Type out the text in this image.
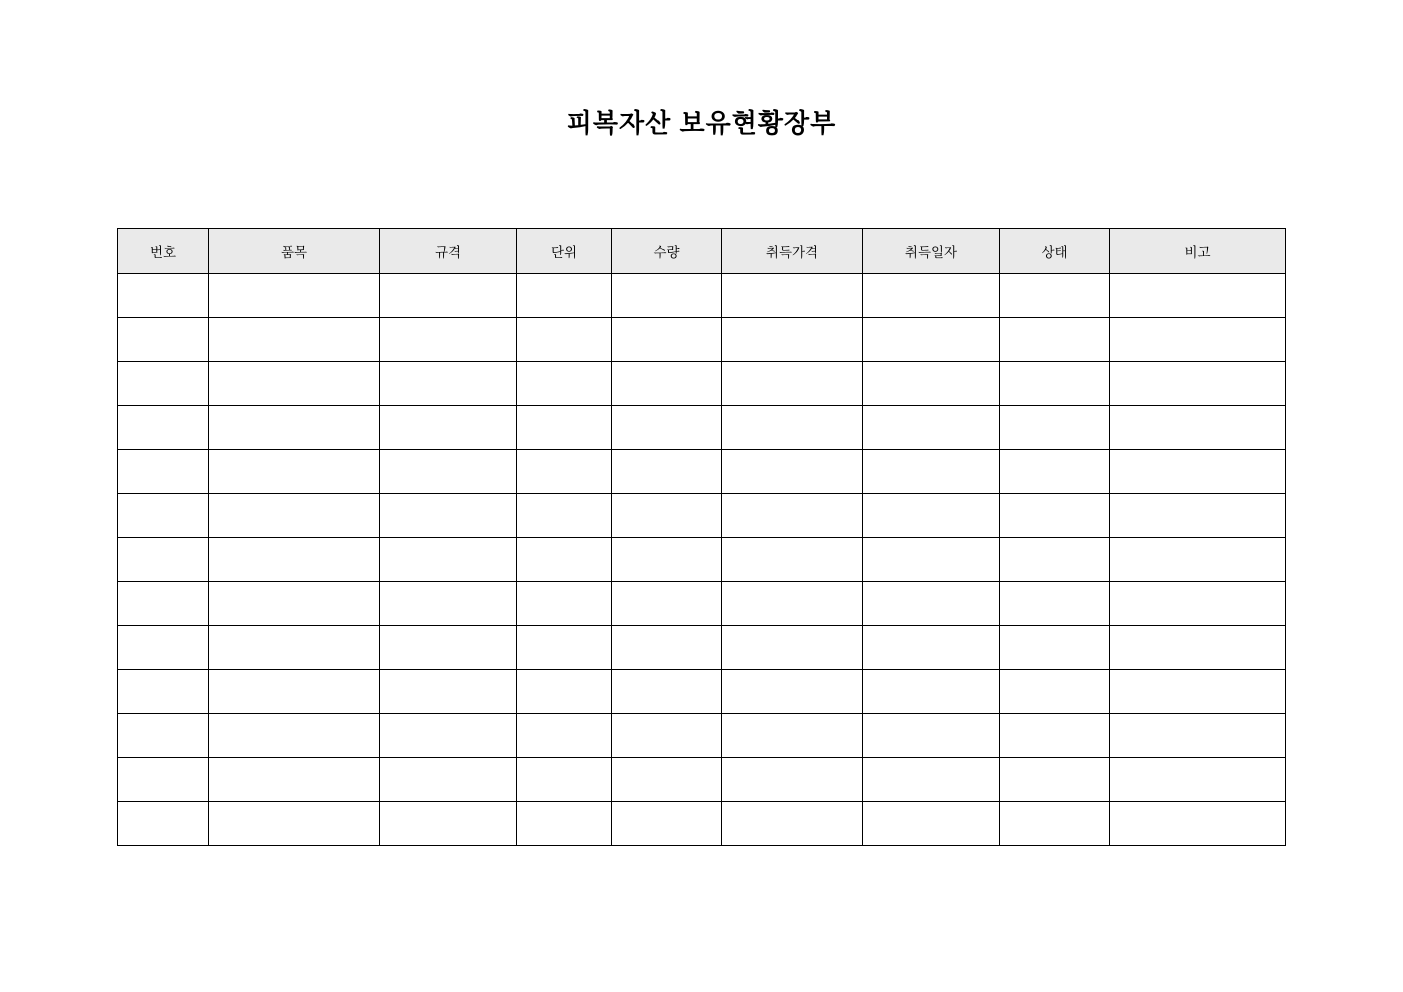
피복자산 보유현황장부
번호	품목	규격	단위	수량	취득가격	취득일자	상태	비고
